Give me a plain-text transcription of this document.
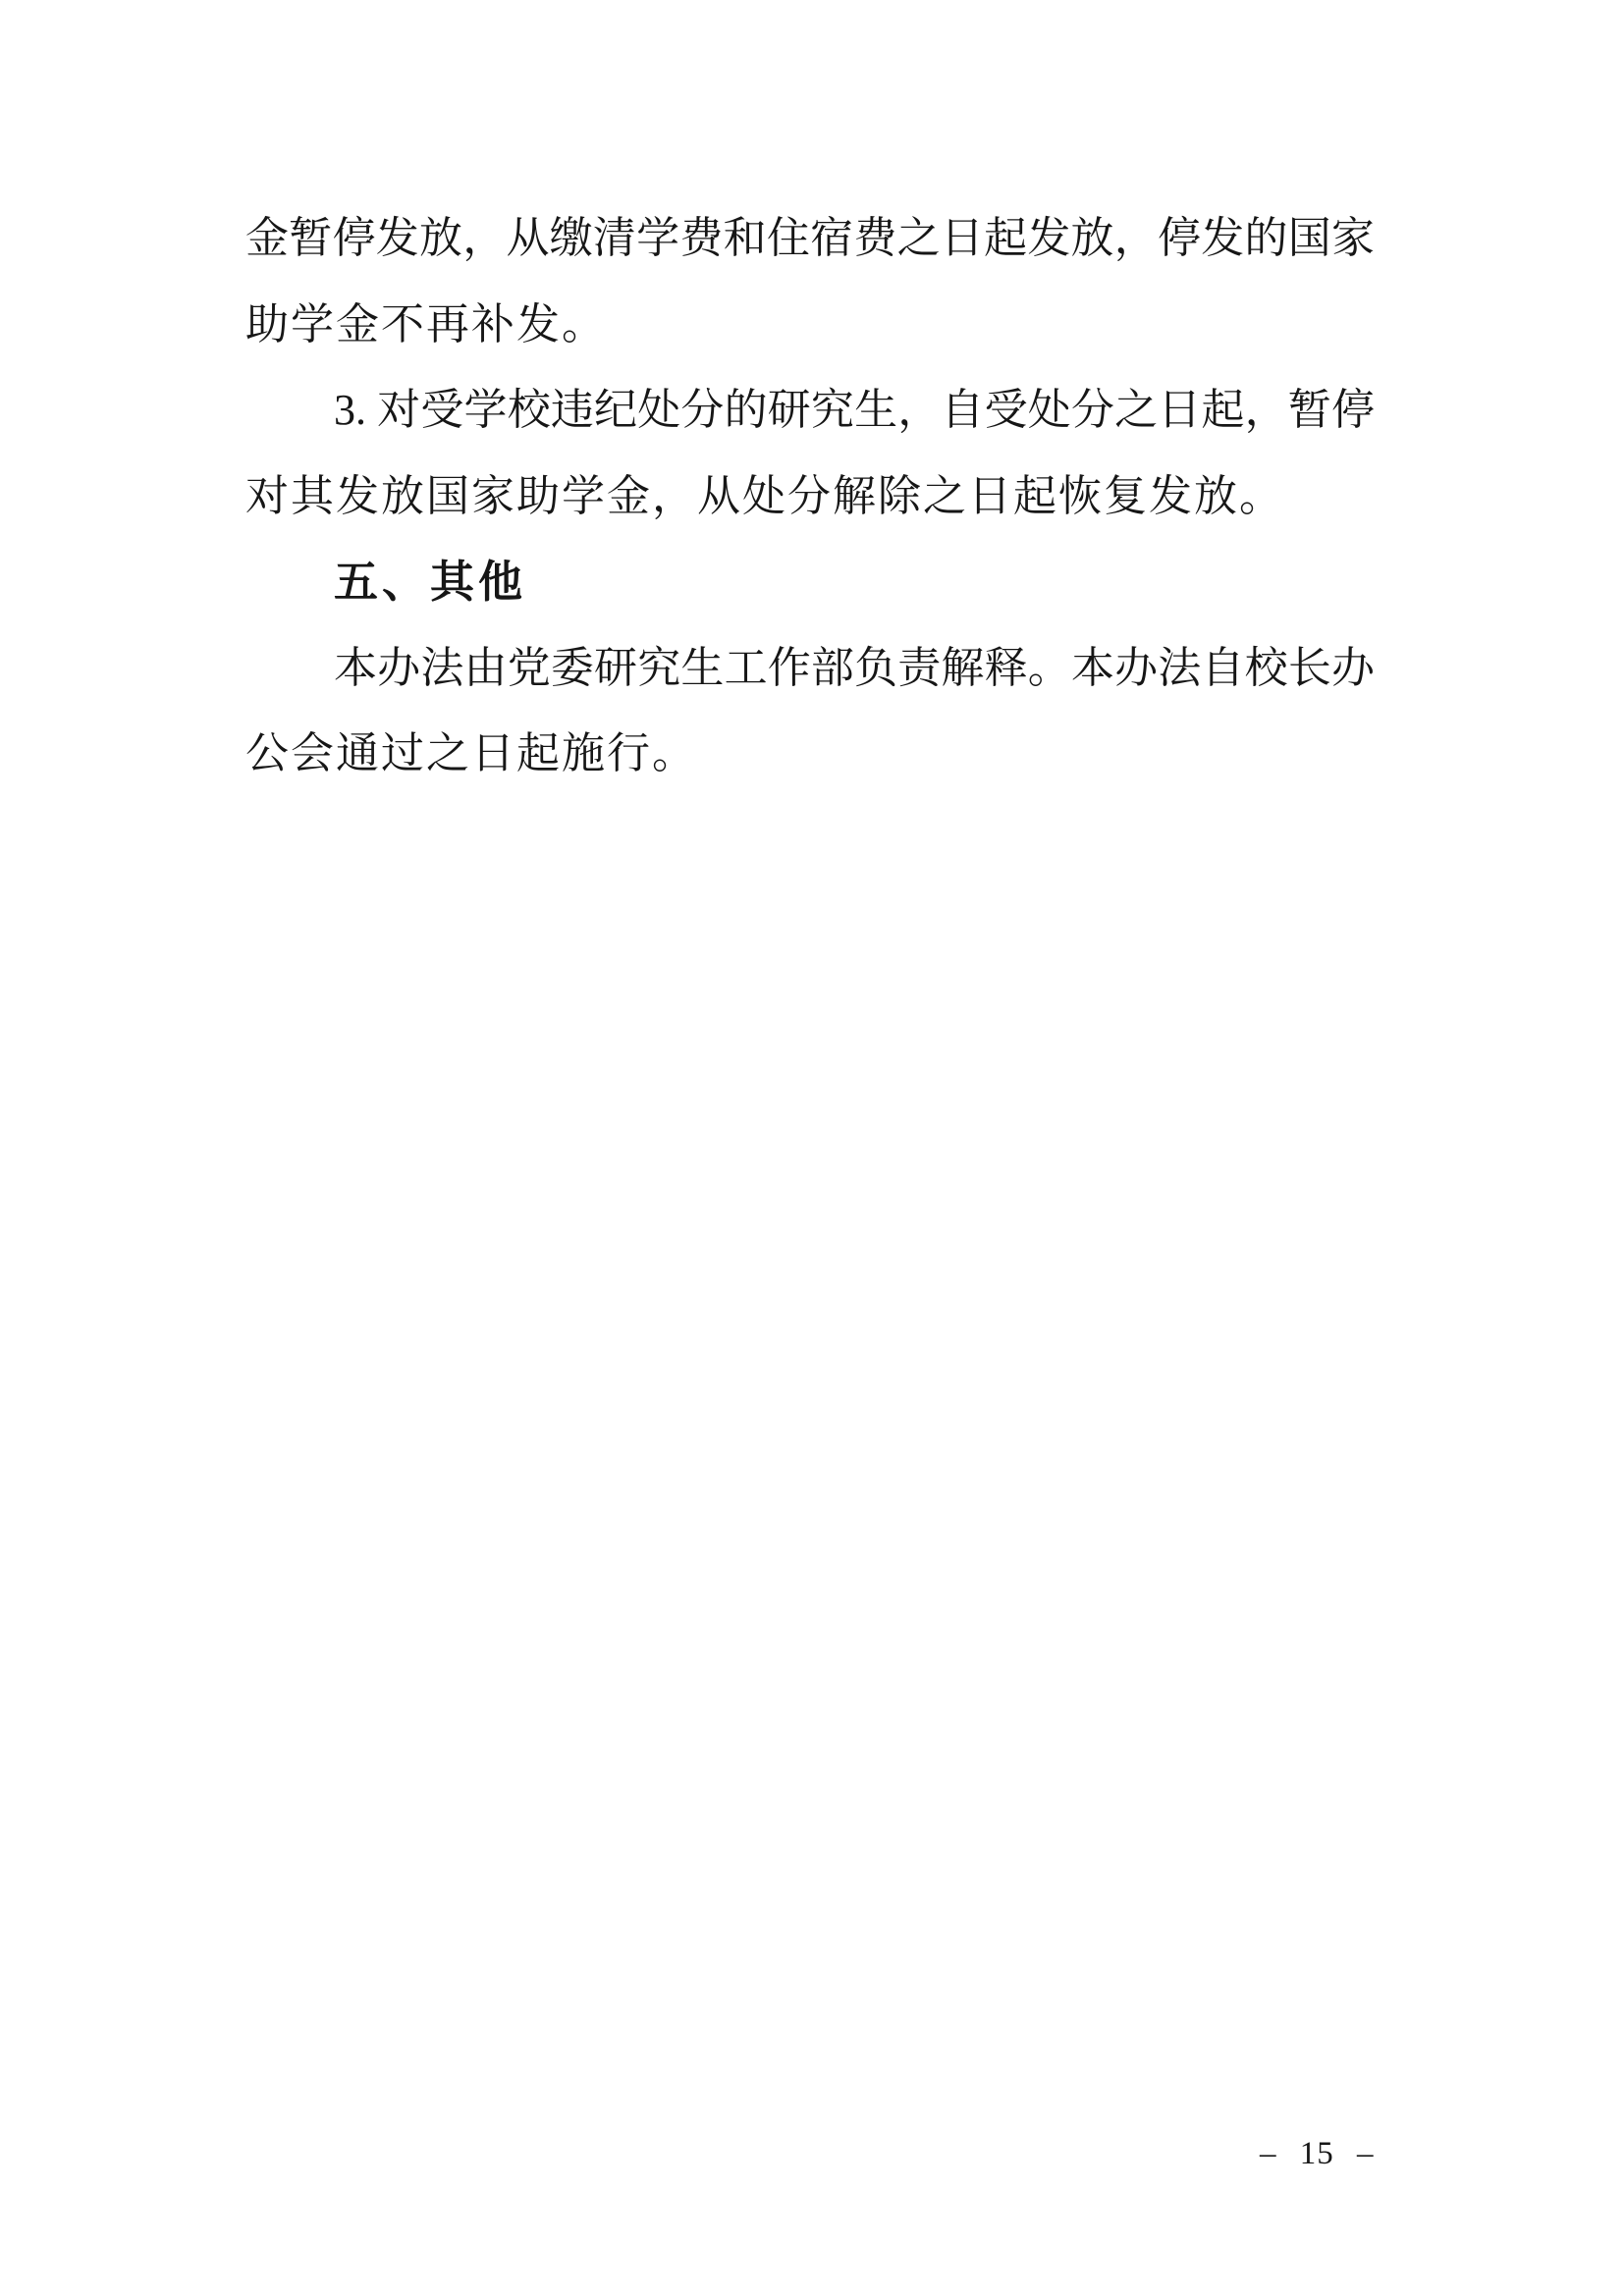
金暂停发放，从缴清学费和住宿费之日起发放，停发的国家
助学金不再补发。
3. 对受学校违纪处分的研究生，自受处分之日起，暂停
对其发放国家助学金，从处分解除之日起恢复发放。
五、其他
本办法由党委研究生工作部负责解释。本办法自校长办
公会通过之日起施行。
– 15 –
